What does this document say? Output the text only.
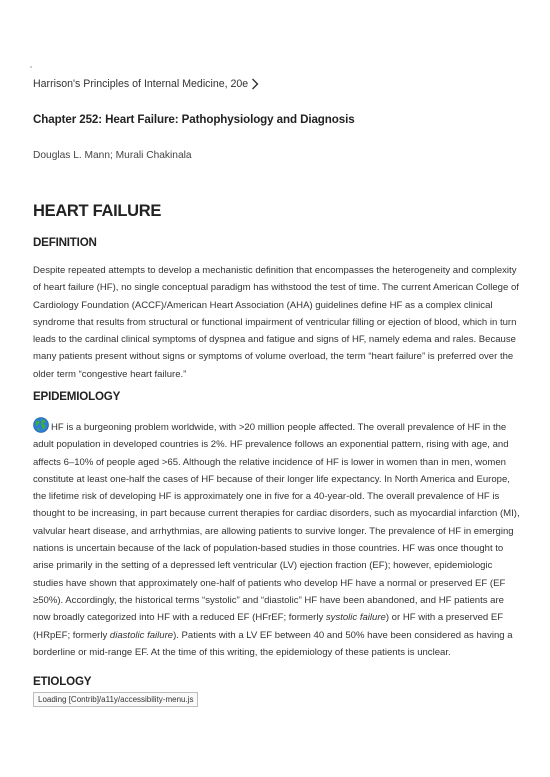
Harrison's Principles of Internal Medicine, 20e
Chapter 252: Heart Failure: Pathophysiology and Diagnosis
Douglas L. Mann; Murali Chakinala
HEART FAILURE
DEFINITION

Despite repeated attempts to develop a mechanistic definition that encompasses the heterogeneity and complexity of heart failure (HF), no single conceptual paradigm has withstood the test of time. The current American College of Cardiology Foundation (ACCF)/American Heart Association (AHA) guidelines define HF as a complex clinical syndrome that results from structural or functional impairment of ventricular filling or ejection of blood, which in turn leads to the cardinal clinical symptoms of dyspnea and fatigue and signs of HF, namely edema and rales. Because many patients present without signs or symptoms of volume overload, the term “heart failure” is preferred over the older term “congestive heart failure.”

EPIDEMIOLOGY

HF is a burgeoning problem worldwide, with >20 million people affected. The overall prevalence of HF in the adult population in developed countries is 2%. HF prevalence follows an exponential pattern, rising with age, and affects 6–10% of people aged >65. Although the relative incidence of HF is lower in women than in men, women constitute at least one-half the cases of HF because of their longer life expectancy. In North America and Europe, the lifetime risk of developing HF is approximately one in five for a 40-year-old. The overall prevalence of HF is thought to be increasing, in part because current therapies for cardiac disorders, such as myocardial infarction (MI), valvular heart disease, and arrhythmias, are allowing patients to survive longer. The prevalence of HF in emerging nations is uncertain because of the lack of population-based studies in those countries. HF was once thought to arise primarily in the setting of a depressed left ventricular (LV) ejection fraction (EF); however, epidemiologic studies have shown that approximately one-half of patients who develop HF have a normal or preserved EF (EF ≥50%). Accordingly, the historical terms “systolic” and “diastolic” HF have been abandoned, and HF patients are now broadly categorized into HF with a reduced EF (HFrEF; formerly systolic failure) or HF with a preserved EF (HRpEF; formerly diastolic failure). Patients with a LV EF between 40 and 50% have been considered as having a borderline or mid-range EF. At the time of this writing, the epidemiology of these patients is unclear.

ETIOLOGY
Loading [Contrib]/a11y/accessibility-menu.js
